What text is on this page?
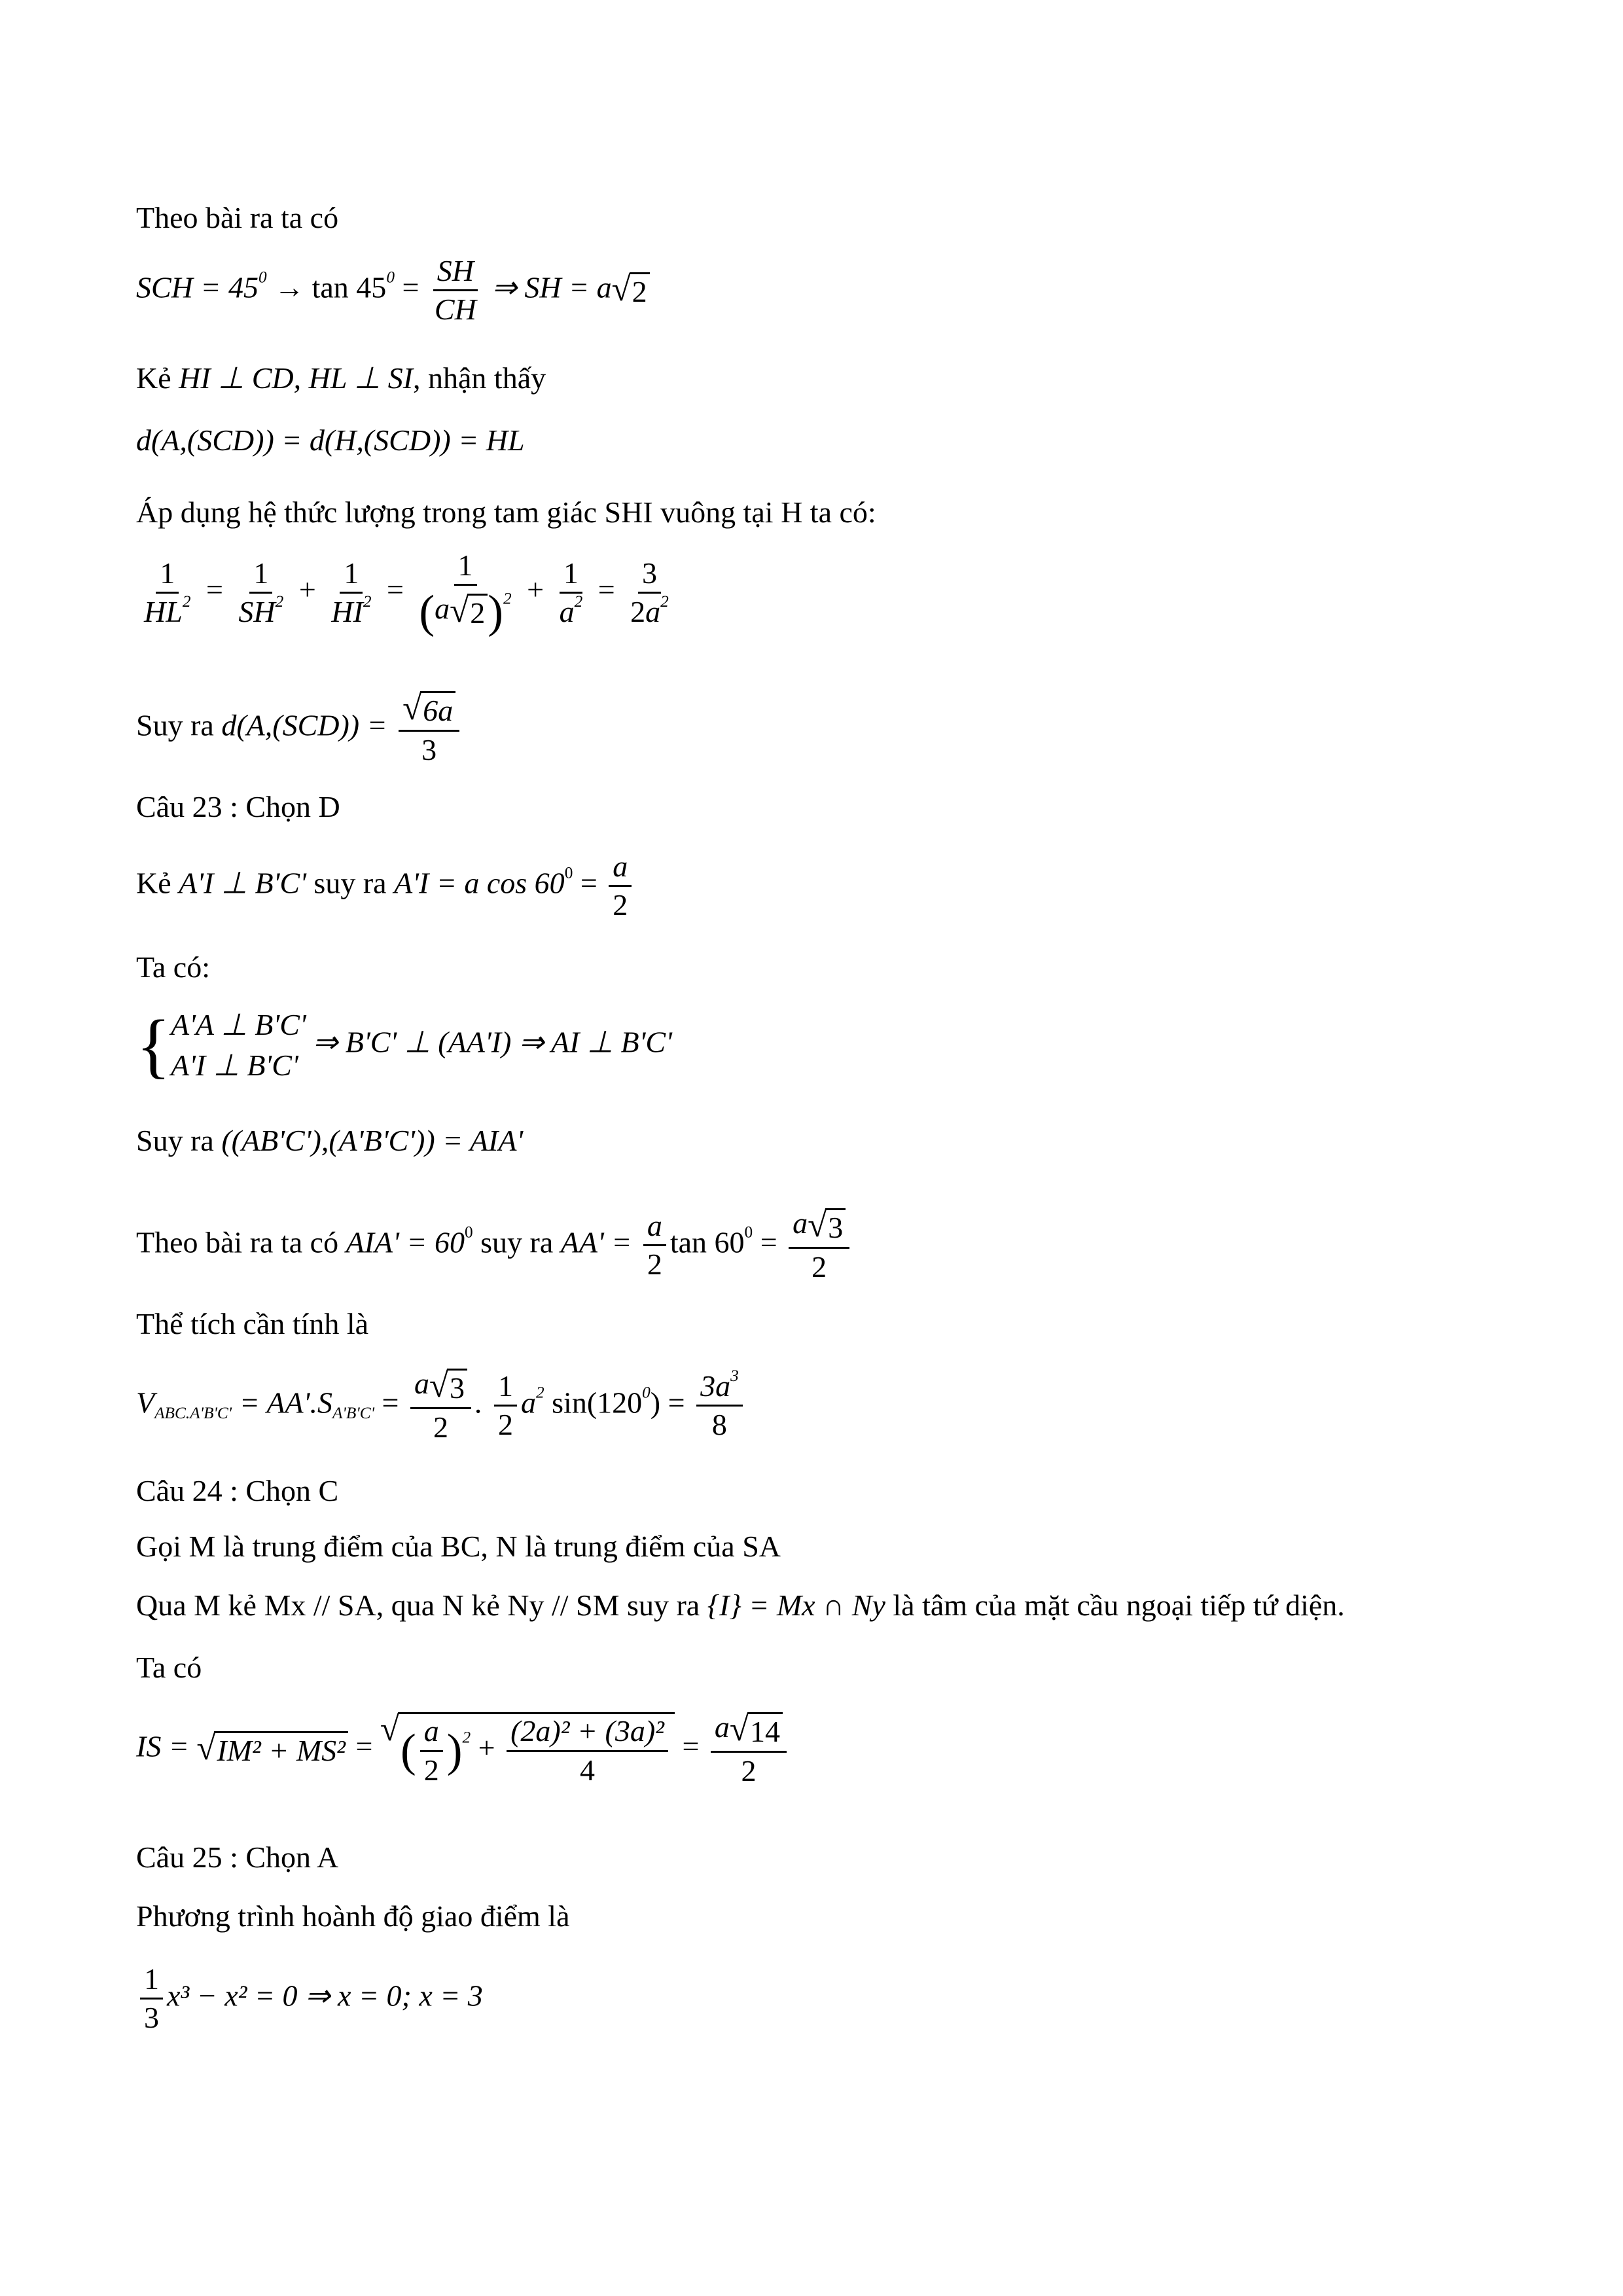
Theo bài ra ta có
SCH = $45^0 \to \tan 45^0 = \frac{SH}{CH}$ ⇒ SH = a √ 2
Kẻ HI ⊥ CD, HL ⊥ SI, nhận thấy
d(A,(SCD)) = d(H,(SCD)) = HL
Áp dụng hệ thức lượng trong tam giác SHI vuông tại H ta có:
$\frac{1}{HL^2} = \frac{1}{SH^2} + \frac{1}{HI^2} = \frac{1}{(a √ 2 )^2} + \frac{1}{a^2} = \frac{3}{2a^2}$
Suy ra $d(A,(SCD)) = \frac{√ 6a}{3}$
Câu 23 : Chọn D
Kẻ A'I ⊥ B'C' suy ra A'I = a $\cos 60^0 = \frac{a}{2}$
Ta có:
{ A'A ⊥ B'C'
A'I ⊥ B'C'
⇒ B'C' ⊥ (AA'I) ⇒ AI ⊥ B'C'
Suy ra ((AB'C'),(A'B'C')) = AIA'
Theo bài ra ta có $AIA' = 60^0$ suy ra $AA' = \frac{a}{2}$ $\tan 60^0 = \frac{a √ 3}{2}$
Thể tích cần tính là
$V_{ABC.A'B'C'} = AA'.S_{A'B'C'} = \frac{a √ 3}{2}$ . $\frac{1}{2} a^2$ $\sin(120^0) = \frac{3a^3}{8}$
Câu 24 : Chọn C
Gọi M là trung điểm của BC, N là trung điểm của SA
Qua M kẻ Mx // SA, qua N kẻ Ny // SM suy ra {I} = Mx ∩ Ny là tâm của mặt cầu ngoại tiếp tứ diện.
Ta có
IS = √ IM² + MS² = √ ( $\frac{a}{2} )^2 + \frac{\text{(2a)² + (3a)²}}{4} = \frac{a √ 14}{2}$
Câu 25 : Chọn A
Phương trình hoành độ giao điểm là
$\frac{1}{3} x^3 - x^2 = 0$ ⇒ x = 0; x = 3
